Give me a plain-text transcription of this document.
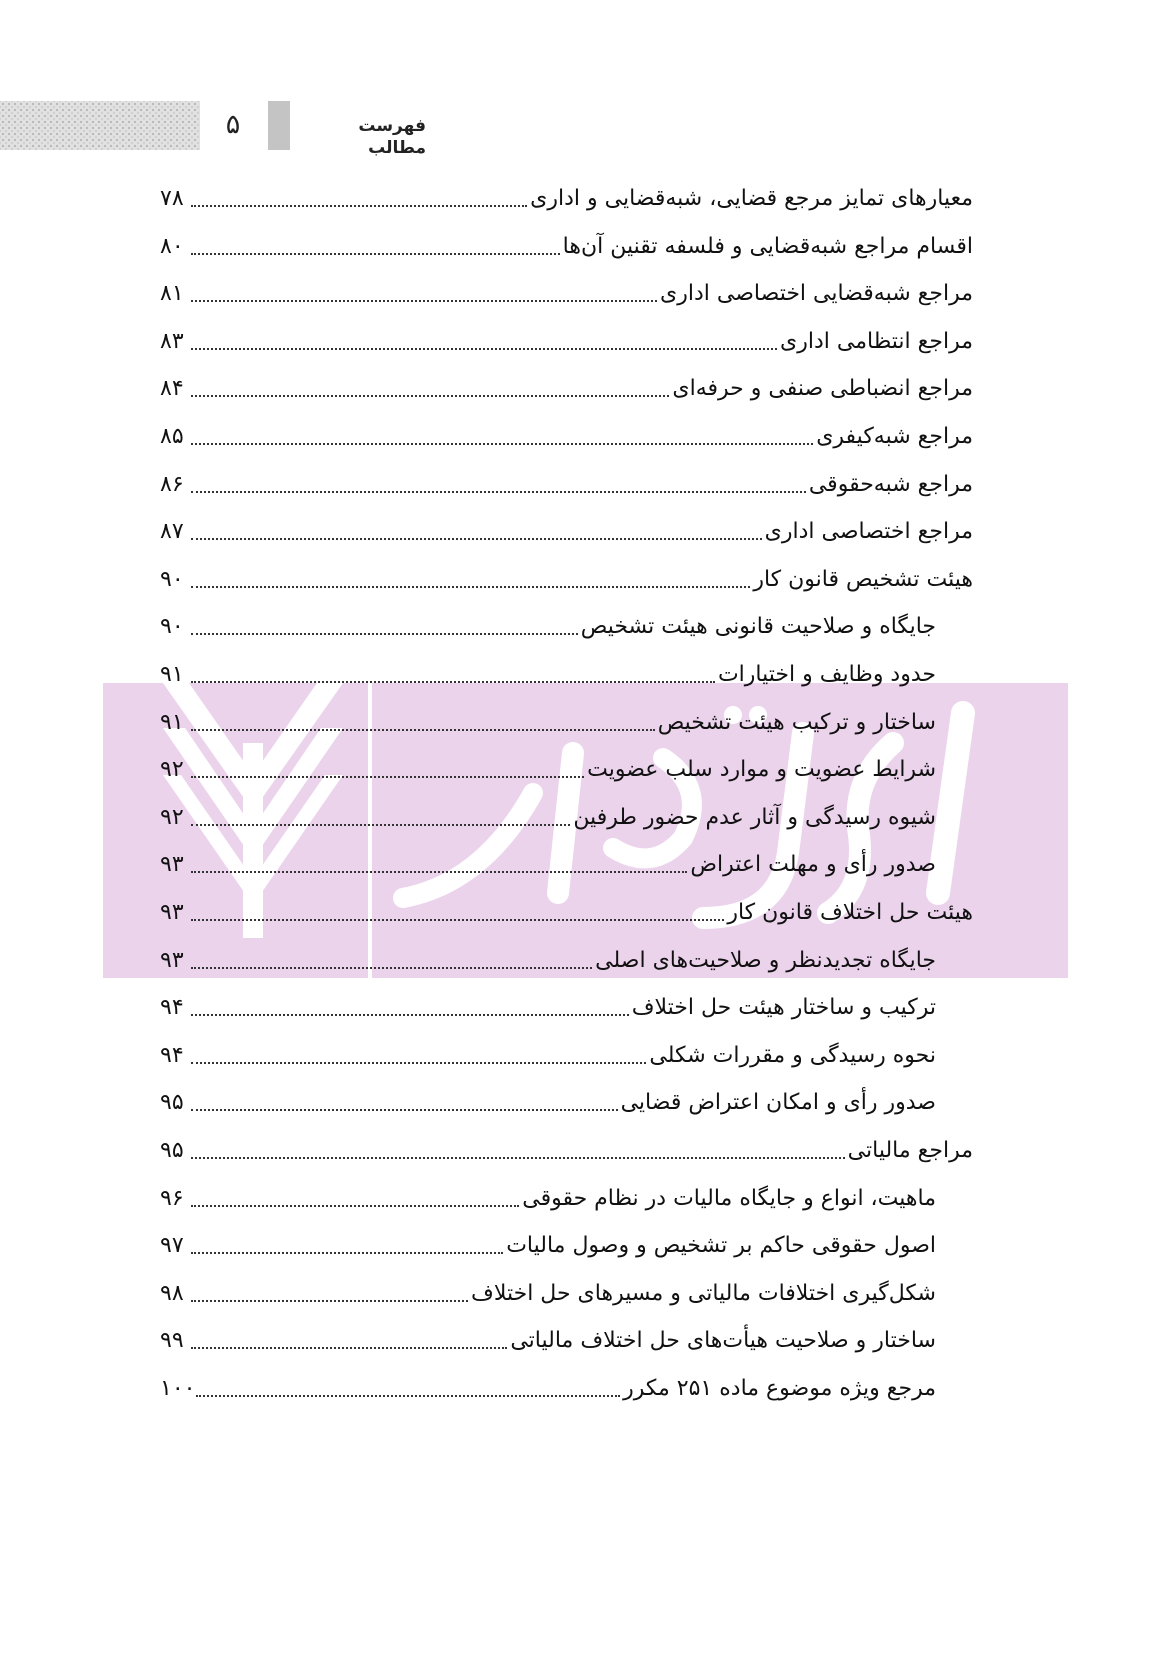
۵	فهرست مطالب
معیارهای تمایز مرجع قضایی، شبه‌قضایی و اداری
۷۸
اقسام مراجع شبه‌قضایی و فلسفه تقنین آن‌ها
۸۰
مراجع شبه‌قضایی اختصاصی اداری
۸۱
مراجع انتظامی اداری
۸۳
مراجع انضباطی صنفی و حرفه‌ای
۸۴
مراجع شبه‌کیفری
۸۵
مراجع شبه‌حقوقی
۸۶
مراجع اختصاصی اداری
۸۷
هیئت تشخیص قانون کار
۹۰
جایگاه و صلاحیت قانونی هیئت تشخیص
۹۰
حدود وظایف و اختیارات
۹۱
ساختار و ترکیب هیئت تشخیص
۹۱
شرایط عضویت و موارد سلب عضویت
۹۲
شیوه رسیدگی و آثار عدم حضور طرفین
۹۲
صدور رأی و مهلت اعتراض
۹۳
هیئت حل اختلاف قانون کار
۹۳
جایگاه تجدیدنظر و صلاحیت‌های اصلی
۹۳
ترکیب و ساختار هیئت حل اختلاف
۹۴
نحوه رسیدگی و مقررات شکلی
۹۴
صدور رأی و امکان اعتراض قضایی
۹۵
مراجع مالیاتی
۹۵
ماهیت، انواع و جایگاه مالیات در نظام حقوقی
۹۶
اصول حقوقی حاکم بر تشخیص و وصول مالیات
۹۷
شکل‌گیری اختلافات مالیاتی و مسیرهای حل اختلاف
۹۸
ساختار و صلاحیت هیأت‌های حل اختلاف مالیاتی
۹۹
مرجع ویژه موضوع ماده ۲۵۱ مکرر
۱۰۰
